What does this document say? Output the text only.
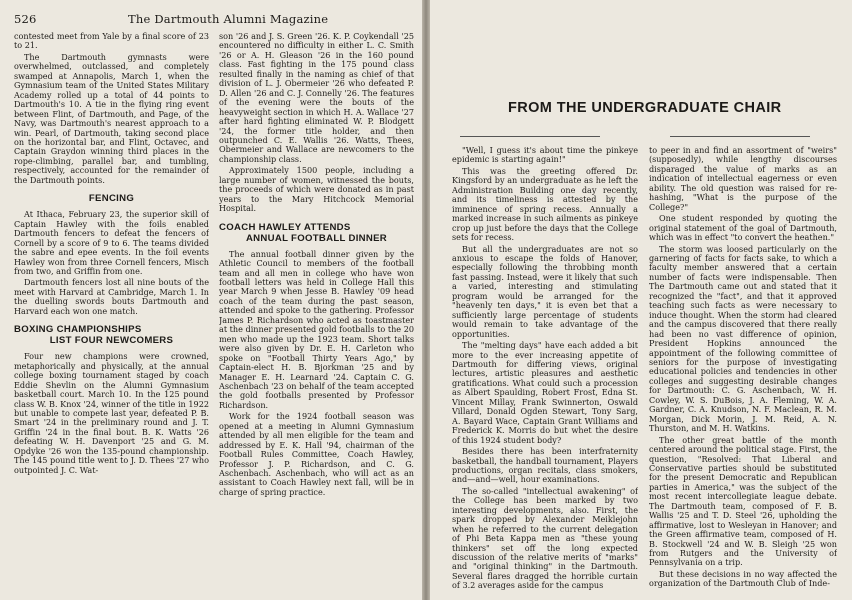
526	The Dartmouth Alumni Magazine

contested meet from Yale by a final score of 23 to 21.

The Dartmouth gymnasts were overwhelmed, outclassed, and completely swamped at Annapolis, March 1, when the Gymnasium team of the United States Military Academy rolled up a total of 44 points to Dartmouth's 10. A tie in the flying ring event between Flint, of Dartmouth, and Page, of the Navy, was Dartmouth's nearest approach to a win. Pearl, of Dartmouth, taking second place on the horizontal bar, and Flint, Octavec, and Captain Graydon winning third places in the rope-climbing, parallel bar, and tumbling, respectively, accounted for the remainder of the Dartmouth points.

FENCING

At Ithaca, February 23, the superior skill of Captain Hawley with the foils enabled Dartmouth fencers to defeat the fencers of Cornell by a score of 9 to 6. The teams divided the sabre and epee events. In the foil events Hawley won from three Cornell fencers, Misch from two, and Griffin from one.

Dartmouth fencers lost all nine bouts of the meet with Harvard at Cambridge, March 1. In the duelling swords bouts Dartmouth and Harvard each won one match.

BOXING CHAMPIONSHIPS

LIST FOUR NEWCOMERS

Four new champions were crowned, metaphorically and physically, at the annual college boxing tournament staged by coach Eddie Shevlin on the Alumni Gymnasium basketball court. March 10. In the 125 pound class W. B. Knox '24, winner of the title in 1922 but unable to compete last year, defeated P. B. Smart '24 in the preliminary round and J. T. Griffin '24 in the final bout. B. K. Watts '26 defeating W. H. Davenport '25 and G. M. Opdyke '26 won the 135-pound championship. The 145 pound title went to J. D. Thees '27 who outpointed J. C. Wat-

son '26 and J. S. Green '26. K. P. Coykendall '25 encountered no difficulty in either L. C. Smith '26 or A. H. Gleason '26 in the 160 pound class. Fast fighting in the 175 pound class resulted finally in the naming as chief of that division of L. J. Obermeier '26 who defeated P. D. Allen '26 and C. J. Connelly '26. The features of the evening were the bouts of the heavyweight section in which H. A. Wallace '27 after hard fighting eliminated W. P. Blodgett '24, the former title holder, and then outpunched C. E. Wallis '26. Watts, Thees, Obermeier and Wallace are newcomers to the championship class.

Approximately 1500 people, including a large number of women, witnessed the bouts, the proceeds of which were donated as in past years to the Mary Hitchcock Memorial Hospital.

COACH HAWLEY ATTENDS

ANNUAL FOOTBALL DINNER

The annual football dinner given by the Athletic Council to members of the football team and all men in college who have won football letters was held in College Hall this year March 9 when Jesse B. Hawley '09 head coach of the team during the past season, attended and spoke to the gathering. Professor James P. Richardson who acted as toastmaster at the dinner presented gold footballs to the 20 men who made up the 1923 team. Short talks were also given by Dr. E. H. Carleton who spoke on "Football Thirty Years Ago," by Captain-elect H. B. Bjorkman '25 and by Manager E. H. Learnard '24. Captain C. G. Aschenbach '23 on behalf of the team accepted the gold footballs presented by Professor Richardson.

Work for the 1924 football season was opened at a meeting in Alumni Gymnasium attended by all men eligible for the team and addressed by E. K. Hall '94, chairman of the Football Rules Committee, Coach Hawley, Professor J. P. Richardson, and C. G. Aschenbach. Aschenbach, who will act as an assistant to Coach Hawley next fall, will be in charge of spring practice.

FROM THE UNDERGRADUATE CHAIR

"Well, I guess it's about time the pinkeye epidemic is starting again!"

This was the greeting offered Dr. Kingsford by an undergraduate as he left the Administration Building one day recently, and its timeliness is attested by the imminence of spring recess. Annually a marked increase in such ailments as pinkeye crop up just before the days that the College sets for recess.

But all the undergraduates are not so anxious to escape the folds of Hanover, especially following the throbbing month fast passing. Instead, were it likely that such a varied, interesting and stimulating program would be arranged for the "heavenly ten days," it is even bet that a sufficiently large percentage of students would remain to take advantage of the opportunities.

The "melting days" have each added a bit more to the ever increasing appetite of Dartmouth for differing views, original lectures, artistic pleasures and aesthetic gratifications. What could such a procession as Albert Spaulding, Robert Frost, Edna St. Vincent Millay, Frank Swinnerton, Oswald Villard, Donald Ogden Stewart, Tony Sarg, A. Bayard Wace, Captain Grant Williams and Frederick K. Morris do but whet the desire of this 1924 student body?

Besides there has been interfraternity basketball, the handball tournament, Players productions, organ recitals, class smokers, and—and—well, hour examinations.

The so-called "intellectual awakening" of the College has been marked by two interesting developments, also. First, the spark dropped by Alexander Meiklejohn when he referred to the current delegation of Phi Beta Kappa men as "these young thinkers" set off the long expected discussion of the relative merits of "marks" and "original thinking" in the Dartmouth. Several flares dragged the horrible curtain of 3.2 averages aside for the campus

to peer in and find an assortment of "weirs" (supposedly), while lengthy discourses disparaged the value of marks as an indication of intellectual eagerness or even ability. The old question was raised for re-hashing, "What is the purpose of the College?"

One student responded by quoting the original statement of the goal of Dartmouth, which was in effect "to convert the heathen."

The storm was loosed particularly on the garnering of facts for facts sake, to which a faculty member answered that a certain number of facts were indispensable. Then The Dartmouth came out and stated that it recognized the "fact", and that it approved teaching such facts as were necessary to induce thought. When the storm had cleared and the campus discovered that there really had been no vast difference of opinion, President Hopkins announced the appointment of the following committee of seniors for the purpose of investigating educational policies and tendencies in other colleges and suggesting desirable changes for Dartmouth: C. G. Aschenbach, W. H. Cowley, W. S. DuBois, J. A. Fleming, W. A. Gardner, C. A. Knudson, N. F. Maclean, R. M. Morgan, Dick Morin, J. M. Reid, A. N. Thurston, and M. H. Watkins.

The other great battle of the month centered around the political stage. First, the question, "Resolved: That Liberal and Conservative parties should be substituted for the present Democratic and Republican parties in America," was the subject of the most recent intercollegiate league debate. The Dartmouth team, composed of F. B. Wallis '25 and T. D. Steel '26, upholding the affirmative, lost to Wesleyan in Hanover; and the Green affirmative team, composed of H. B. Stockwell '24 and W. B. Sleigh '25 won from Rutgers and the University of Pennsylvania on a trip.

But these decisions in no way affected the organization of the Dartmouth Club of Inde-
